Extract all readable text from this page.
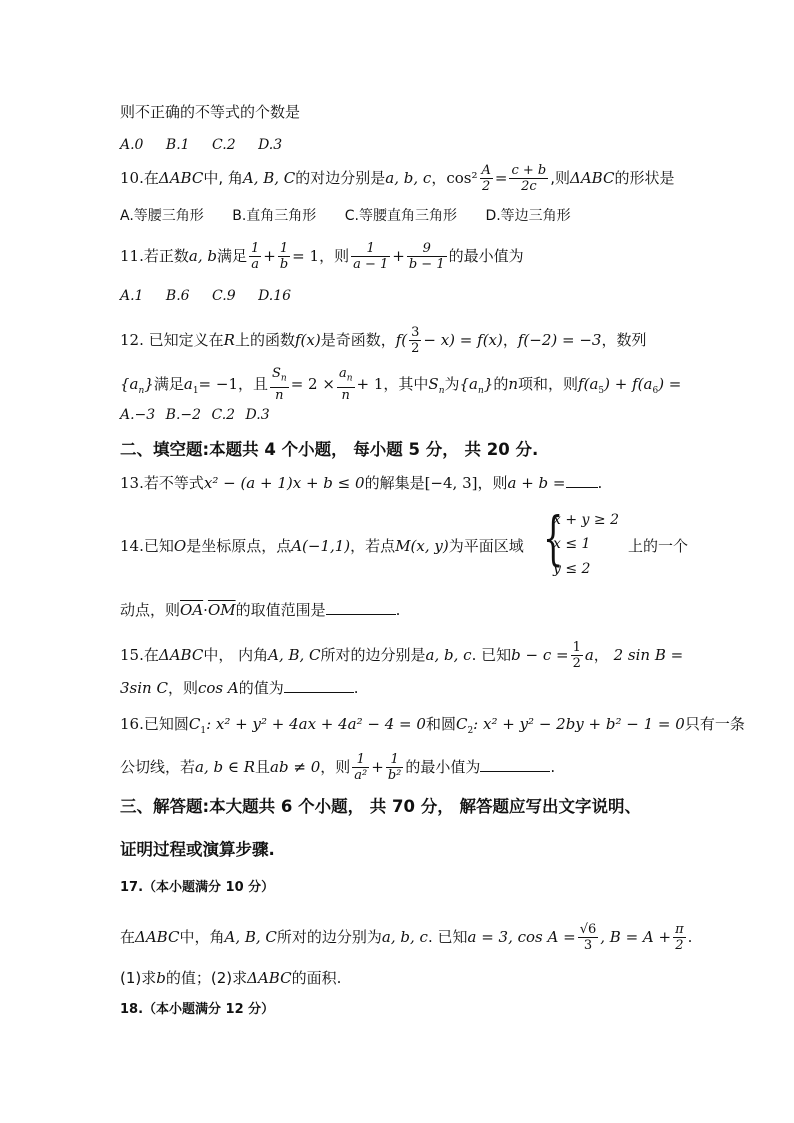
则不正确的不等式的个数是
A.0 B.1 C.2 D.3
10.在ΔABC中, 角A, B, C的对边分别是a, b, c，$\cos^2 \frac{A}{2} = \frac{c + b}{2c}$ ,则ΔABC的形状是
A.等腰三角形 B.直角三角形 C.等腰直角三角形 D.等边三角形
11.若正数a, b满足 $\frac{1}{a} + \frac{1}{b} = 1$，则 $\frac{1}{a - 1} + \frac{9}{b - 1}$ 的最小值为
A.1 B.6 C.9 D.16
12. 已知定义在R上的函数f(x)是奇函数，$f( \frac{3}{2} - x) = f(x)$，f(−2) = −3，数列
$\{a_n\}$满足$a_1= -1$，且 $\frac{S_n}{n} = 2 \times \frac{a_n}{n} + 1$，其中$S_n$为$\{a_n\}$的n项和，则$f(a_5) + f(a_6)$ =
A.−3 B.−2 C.2 D.3
二、填空题:本题共 4 个小题， 每小题 5 分， 共 20 分.
13.若不等式x² − (a + 1)x + b ≤ 0的解集是[−4, 3]，则a + b = .
14.已知O是坐标原点，点A(−1,1)，若点M(x, y)为平面区域 {
x + y ≥ 2
x ≤ 1
y ≤ 2
上的一个
动点，则$\overline{OA}\cdot\overline{OM}$的取值范围是	.
15.在ΔABC中， 内角A, B, C所对的边分别是a, b, c. 已知$b - c = \frac{1}{2}$ a， 2 sin B =
3sin C，则cos A的值为	.
16.已知圆$C_1$: x² + y² + 4ax + 4a² − 4 = 0和圆$C_2$: x² + y² − 2by + b² − 1 = 0只有一条
公切线，若a, b ∈ R且ab ≠ 0，则 $\frac{1}{\text{a²}} + \frac{1}{\text{b²}}$ 的最小值为	.
三、解答题:本大题共 6 个小题， 共 70 分， 解答题应写出文字说明、
证明过程或演算步骤.
17.（本小题满分 10 分）
在ΔABC中，角A, B, C所对的边分别为a, b, c. 已知a = 3, $\cos A = \frac{√6}{3}$ , $B = A + \frac{\pi}{2}$ .
(1)求b的值；(2)求ΔABC的面积.
18.（本小题满分 12 分）
